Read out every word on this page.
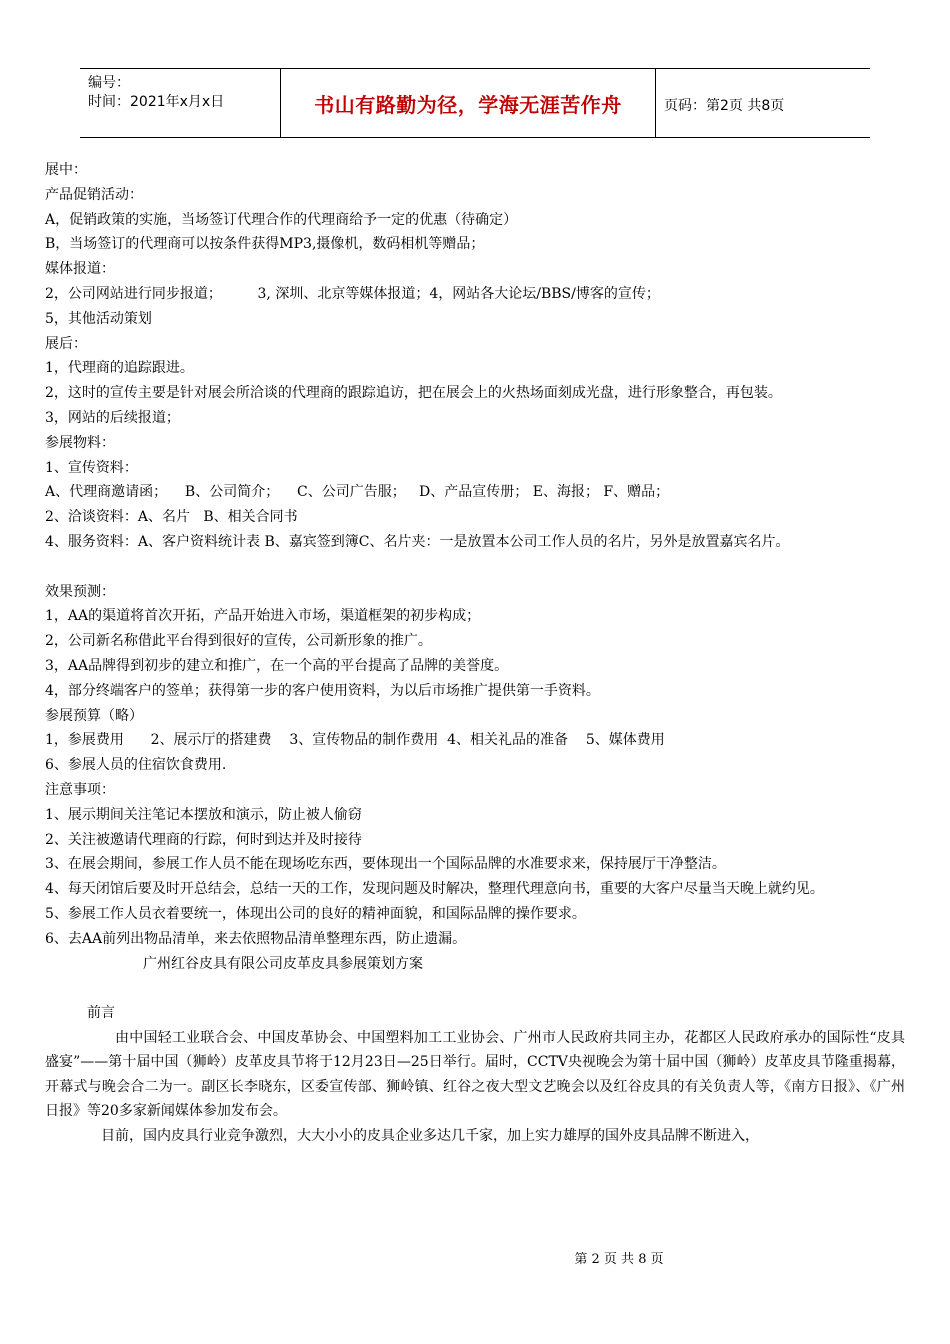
编号：
时间：2021年x月x日	书山有路勤为径，学海无涯苦作舟	页码：第2页 共8页
展中：
产品促销活动：
A，促销政策的实施，当场签订代理合作的代理商给予一定的优惠（待确定）
B，当场签订的代理商可以按条件获得MP3,摄像机，数码相机等赠品；
媒体报道：
2，公司网站进行同步报道；        3, 深圳、北京等媒体报道；4，网站各大论坛/BBS/博客的宣传；
5，其他活动策划
展后：
1，代理商的追踪跟进。
2，这时的宣传主要是针对展会所洽谈的代理商的跟踪追访，把在展会上的火热场面刻成光盘，进行形象整合，再包装。
3，网站的后续报道；
参展物料：
1、宣传资料：
A、代理商邀请函；    B、公司简介；    C、公司广告服；   D、产品宣传册； E、海报； F、赠品；
2、洽谈资料：A、名片   B、相关合同书
4、服务资料：A、客户资料统计表 B、嘉宾签到簿C、名片夹：一是放置本公司工作人员的名片，另外是放置嘉宾名片。
效果预测：
1，AA的渠道将首次开拓，产品开始进入市场，渠道框架的初步构成；
2，公司新名称借此平台得到很好的宣传，公司新形象的推广。
3，AA品牌得到初步的建立和推广，在一个高的平台提高了品牌的美誉度。
4，部分终端客户的签单；获得第一步的客户使用资料，为以后市场推广提供第一手资料。
参展预算（略）
1，参展费用      2、展示厅的搭建费    3、宣传物品的制作费用  4、相关礼品的准备    5、媒体费用
6、参展人员的住宿饮食费用.
注意事项：
1、展示期间关注笔记本摆放和演示，防止被人偷窃
2、关注被邀请代理商的行踪，何时到达并及时接待
3、在展会期间，参展工作人员不能在现场吃东西，要体现出一个国际品牌的水准要求来，保持展厅干净整洁。
4、每天闭馆后要及时开总结会，总结一天的工作，发现问题及时解决，整理代理意向书，重要的大客户尽量当天晚上就约见。
5、参展工作人员衣着要统一，体现出公司的良好的精神面貌，和国际品牌的操作要求。
6、去AA前列出物品清单，来去依照物品清单整理东西，防止遗漏。
广州红谷皮具有限公司皮革皮具参展策划方案
前言
由中国轻工业联合会、中国皮革协会、中国塑料加工工业协会、广州市人民政府共同主办，花都区人民政府承办的国际性“皮具盛宴”——第十届中国（狮岭）皮革皮具节将于12月23日—25日举行。届时，CCTV央视晚会为第十届中国（狮岭）皮革皮具节隆重揭幕，开幕式与晚会合二为一。副区长李晓东，区委宣传部、狮岭镇、红谷之夜大型文艺晚会以及红谷皮具的有关负责人等，《南方日报》、《广州日报》等20多家新闻媒体参加发布会。
目前，国内皮具行业竞争激烈，大大小小的皮具企业多达几千家，加上实力雄厚的国外皮具品牌不断进入，
第 2 页 共 8 页
